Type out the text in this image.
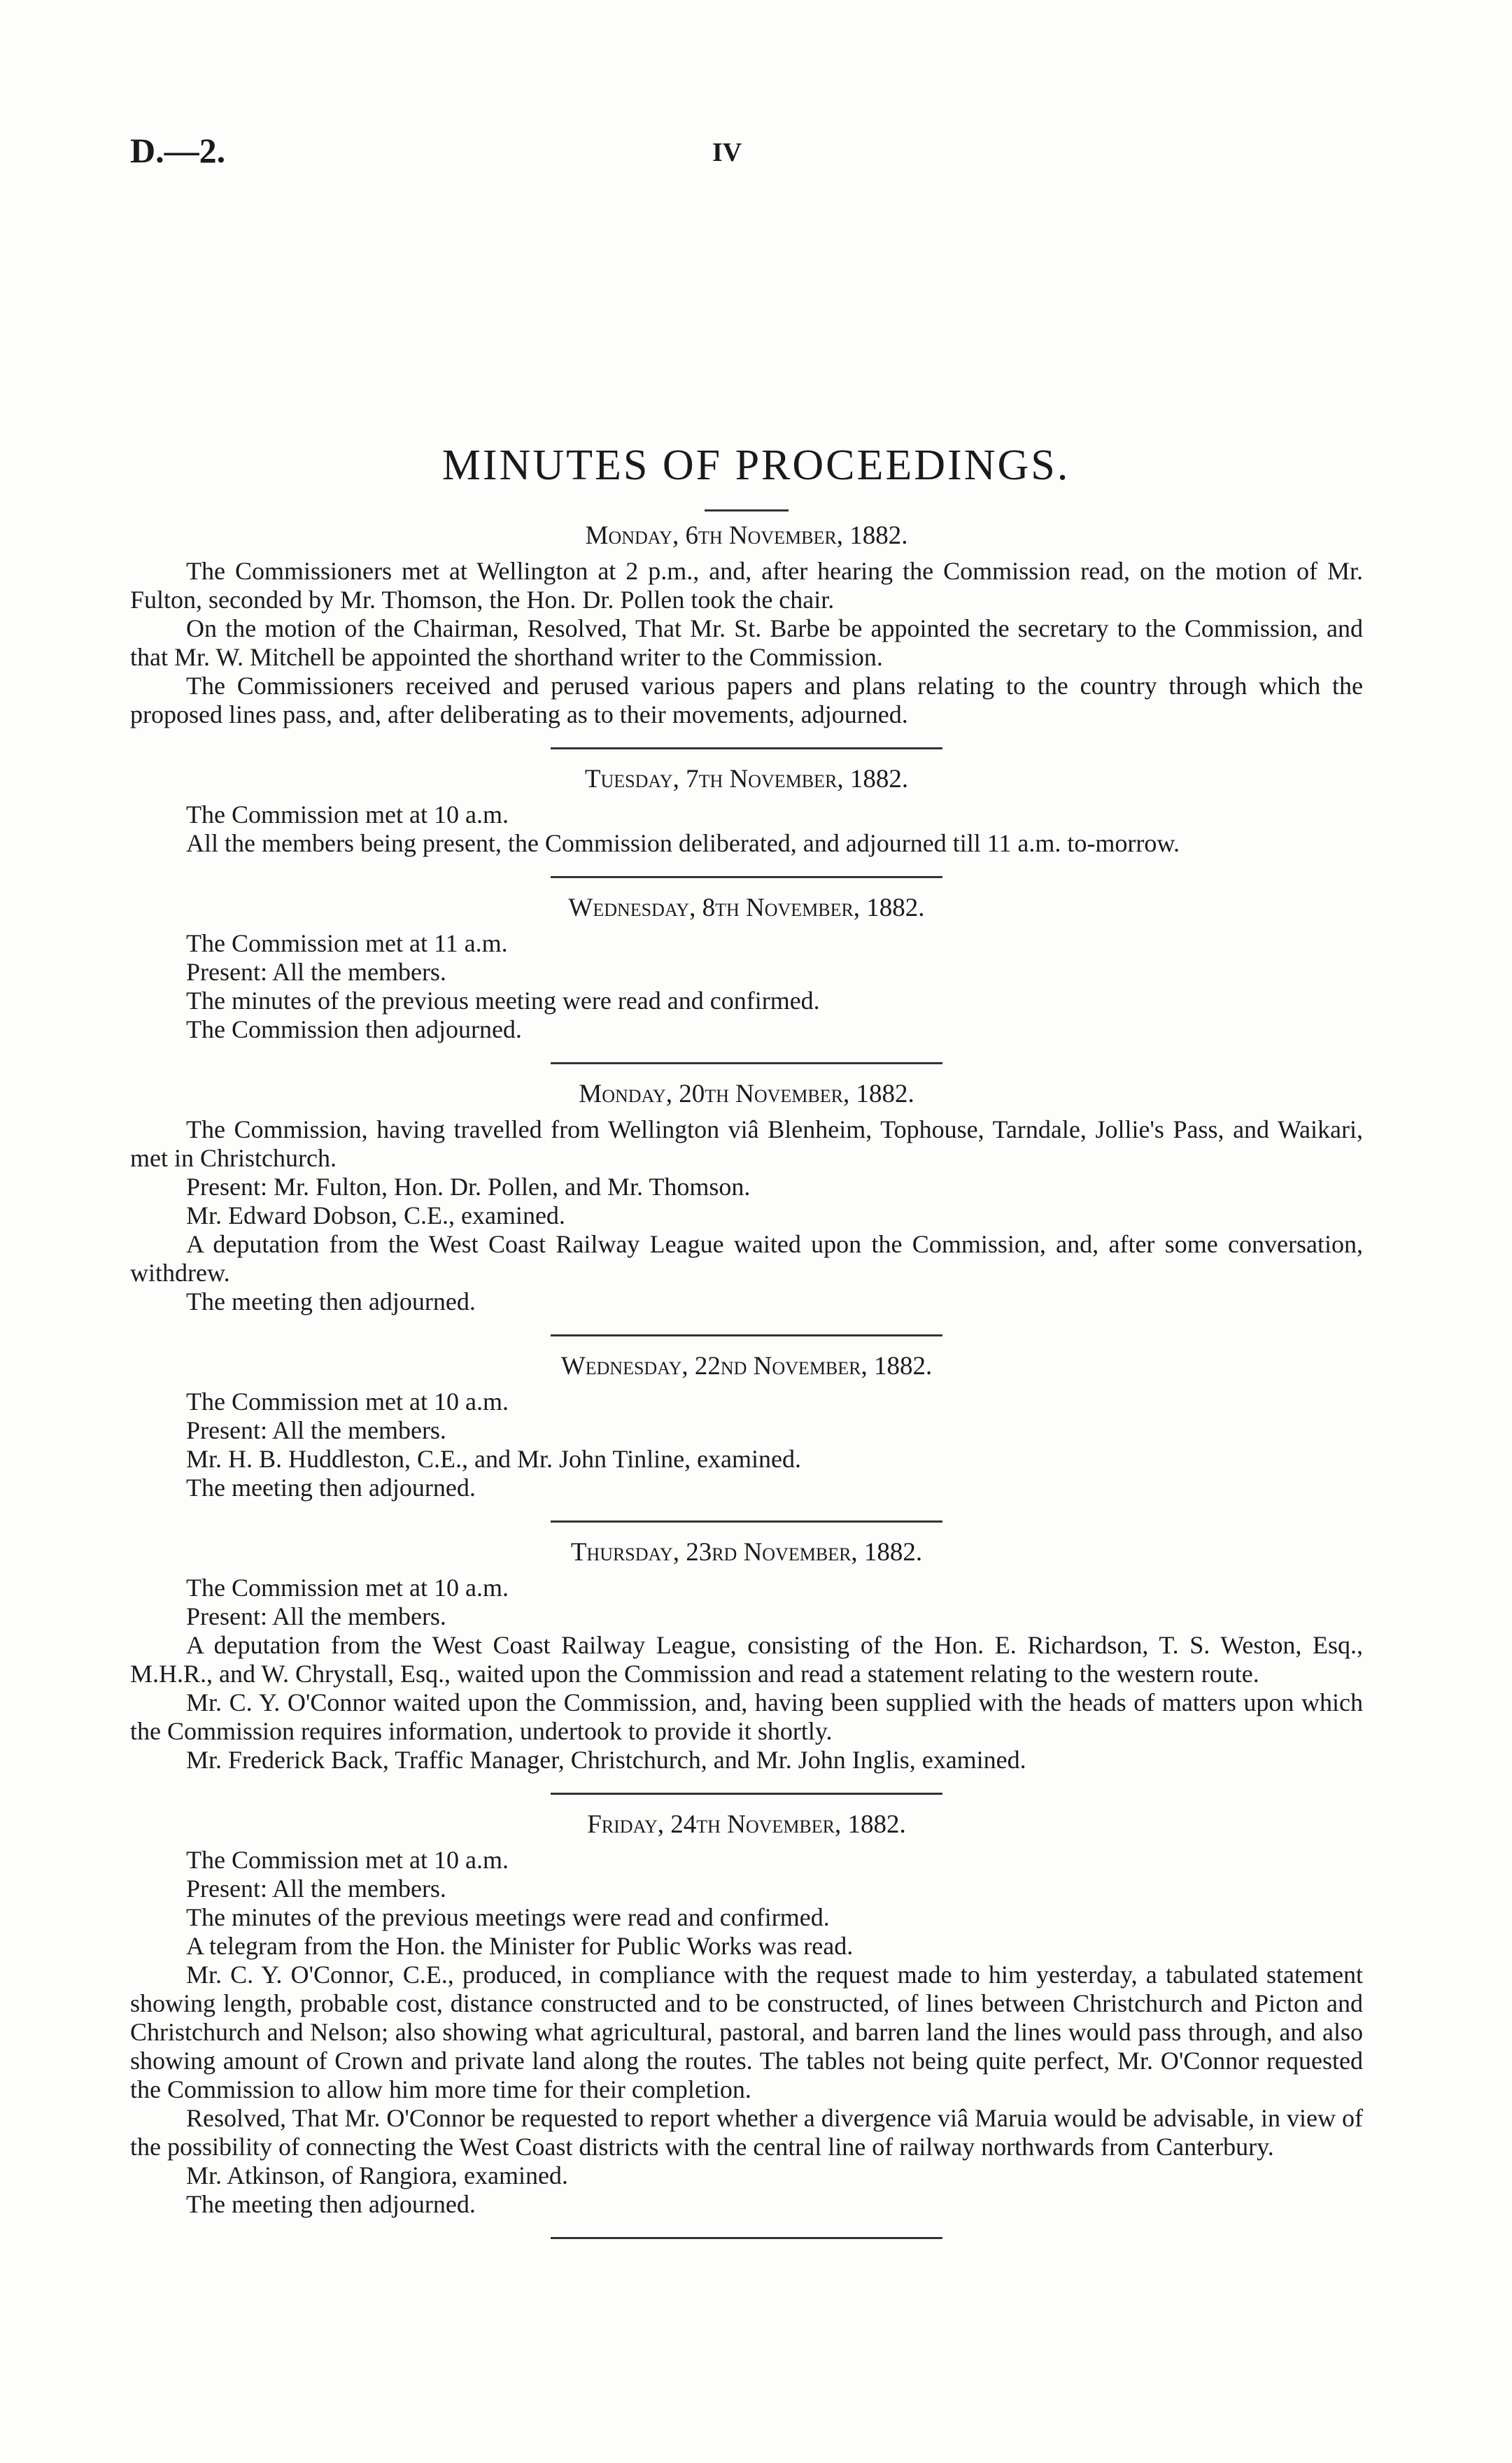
D.—2.	IV
MINUTES OF PROCEEDINGS.
Monday, 6th November, 1882.

The Commissioners met at Wellington at 2 p.m., and, after hearing the Commission read, on the motion of Mr. Fulton, seconded by Mr. Thomson, the Hon. Dr. Pollen took the chair.

On the motion of the Chairman, Resolved, That Mr. St. Barbe be appointed the secretary to the Commission, and that Mr. W. Mitchell be appointed the shorthand writer to the Commission.

The Commissioners received and perused various papers and plans relating to the country through which the proposed lines pass, and, after deliberating as to their movements, adjourned.

Tuesday, 7th November, 1882.

The Commission met at 10 a.m.

All the members being present, the Commission deliberated, and adjourned till 11 a.m. to-morrow.

Wednesday, 8th November, 1882.

The Commission met at 11 a.m.

Present: All the members.

The minutes of the previous meeting were read and confirmed.

The Commission then adjourned.

Monday, 20th November, 1882.

The Commission, having travelled from Wellington viâ Blenheim, Tophouse, Tarndale, Jollie's Pass, and Waikari, met in Christchurch.

Present: Mr. Fulton, Hon. Dr. Pollen, and Mr. Thomson.

Mr. Edward Dobson, C.E., examined.

A deputation from the West Coast Railway League waited upon the Commission, and, after some conversation, withdrew.

The meeting then adjourned.

Wednesday, 22nd November, 1882.

The Commission met at 10 a.m.

Present: All the members.

Mr. H. B. Huddleston, C.E., and Mr. John Tinline, examined.

The meeting then adjourned.

Thursday, 23rd November, 1882.

The Commission met at 10 a.m.

Present: All the members.

A deputation from the West Coast Railway League, consisting of the Hon. E. Richardson, T. S. Weston, Esq., M.H.R., and W. Chrystall, Esq., waited upon the Commission and read a statement relating to the western route.

Mr. C. Y. O'Connor waited upon the Commission, and, having been supplied with the heads of matters upon which the Commission requires information, undertook to provide it shortly.

Mr. Frederick Back, Traffic Manager, Christchurch, and Mr. John Inglis, examined.

Friday, 24th November, 1882.

The Commission met at 10 a.m.

Present: All the members.

The minutes of the previous meetings were read and confirmed.

A telegram from the Hon. the Minister for Public Works was read.

Mr. C. Y. O'Connor, C.E., produced, in compliance with the request made to him yesterday, a tabulated statement showing length, probable cost, distance constructed and to be constructed, of lines between Christchurch and Picton and Christchurch and Nelson; also showing what agricultural, pastoral, and barren land the lines would pass through, and also showing amount of Crown and private land along the routes. The tables not being quite perfect, Mr. O'Connor requested the Commission to allow him more time for their completion.

Resolved, That Mr. O'Connor be requested to report whether a divergence viâ Maruia would be advisable, in view of the possibility of connecting the West Coast districts with the central line of railway northwards from Canterbury.

Mr. Atkinson, of Rangiora, examined.

The meeting then adjourned.
